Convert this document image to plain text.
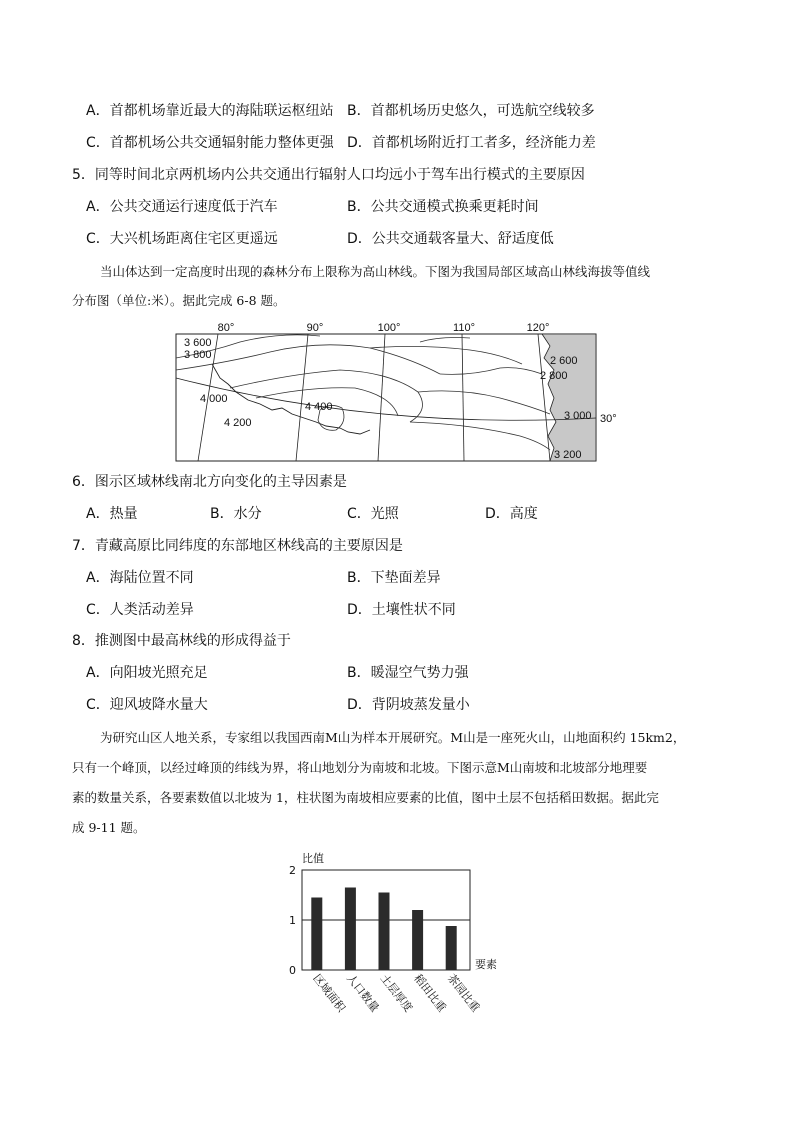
A．首都机场靠近最大的海陆联运枢纽站 B．首都机场历史悠久，可选航空线较多
C．首都机场公共交通辐射能力整体更强 D．首都机场附近打工者多，经济能力差
5．同等时间北京两机场内公共交通出行辐射人口均远小于驾车出行模式的主要原因
A．公共交通运行速度低于汽车	B．公共交通模式换乘更耗时间
C．大兴机场距离住宅区更遥远	D．公共交通载客量大、舒适度低
当山体达到一定高度时出现的森林分布上限称为高山林线。下图为我国局部区域高山林线海拔等值线
分布图（单位:米）。据此完成 6-8 题。
80°	90°	100°	110°	120°
30°
3 600
3 800
4 000
4 200
4 400
2 600
2 800
3 000
3 200
6．图示区域林线南北方向变化的主导因素是
A．热量	B．水分	C．光照	D．高度
7．青藏高原比同纬度的东部地区林线高的主要原因是
A．海陆位置不同	B．下垫面差异
C．人类活动差异	D．土壤性状不同
8．推测图中最高林线的形成得益于
A．向阳坡光照充足	B．暖湿空气势力强
C．迎风坡降水量大	D．背阴坡蒸发量小
为研究山区人地关系，专家组以我国西南M山为样本开展研究。M山是一座死火山，山地面积约 15km2，
只有一个峰顶，以经过峰顶的纬线为界，将山地划分为南坡和北坡。下图示意M山南坡和北坡部分地理要
素的数量关系，各要素数值以北坡为 1，柱状图为南坡相应要素的比值，图中土层不包括稻田数据。据此完
成 9-11 题。
比值
0
1
2
要素
区域面积
人口数量
土层厚度
稻田比重
茶园比重
